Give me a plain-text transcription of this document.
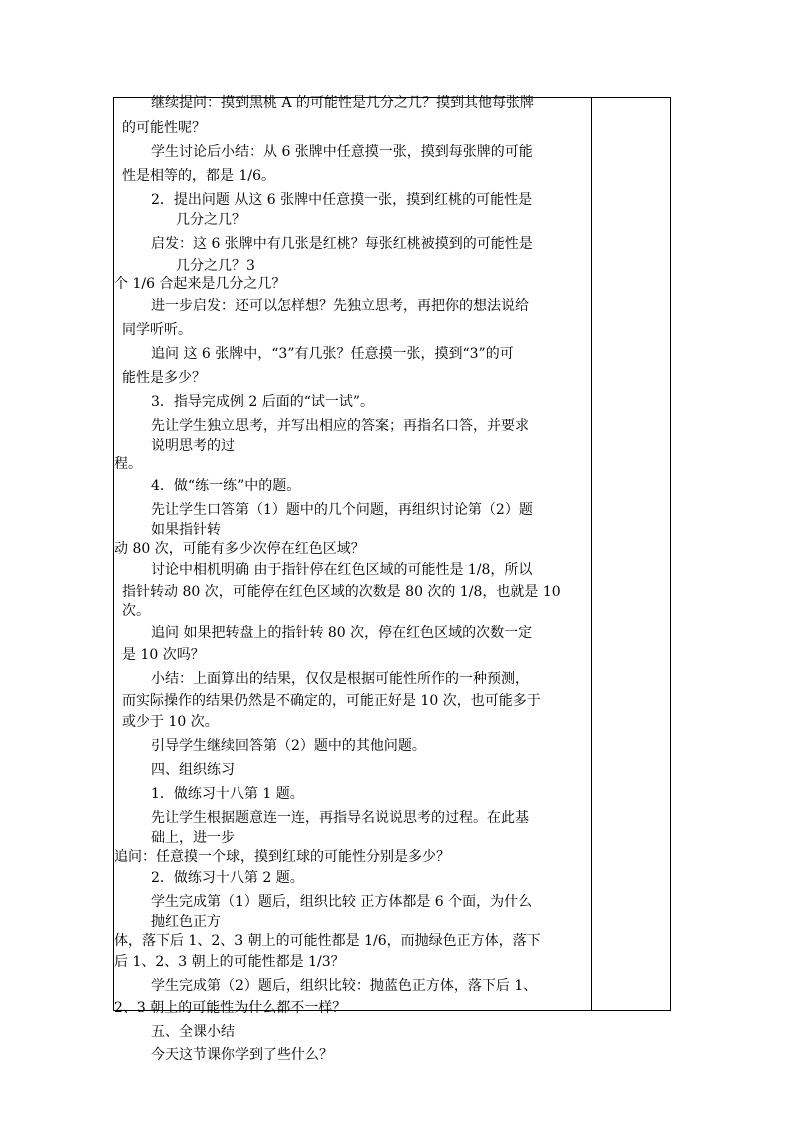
继续提问：摸到黑桃 A 的可能性是几分之几？摸到其他每张牌
的可能性呢？
学生讨论后小结：从 6 张牌中任意摸一张，摸到每张牌的可能
性是相等的，都是 1/6。
2．提出问题 从这 6 张牌中任意摸一张，摸到红桃的可能性是
几分之几？
启发：这 6 张牌中有几张是红桃？每张红桃被摸到的可能性是
几分之几？3
个 1/6 合起来是几分之几？
进一步启发：还可以怎样想？先独立思考，再把你的想法说给
同学听听。
追问 这 6 张牌中，“3”有几张？任意摸一张，摸到“3”的可
能性是多少？
3．指导完成例 2 后面的“试一试”。
先让学生独立思考，并写出相应的答案；再指名口答，并要求
说明思考的过
程。
4．做“练一练”中的题。
先让学生口答第（1）题中的几个问题，再组织讨论第（2）题
如果指针转
动 80 次，可能有多少次停在红色区域？
讨论中相机明确 由于指针停在红色区域的可能性是 1/8，所以
指针转动 80 次，可能停在红色区域的次数是 80 次的 1/8，也就是 10
次。
追问 如果把转盘上的指针转 80 次，停在红色区域的次数一定
是 10 次吗？
小结：上面算出的结果，仅仅是根据可能性所作的一种预测，
而实际操作的结果仍然是不确定的，可能正好是 10 次，也可能多于
或少于 10 次。
引导学生继续回答第（2）题中的其他问题。
四、组织练习
1．做练习十八第 1 题。
先让学生根据题意连一连，再指导名说说思考的过程。在此基
础上，进一步
追问：任意摸一个球，摸到红球的可能性分别是多少？
2．做练习十八第 2 题。
学生完成第（1）题后，组织比较 正方体都是 6 个面，为什么
抛红色正方
体，落下后 1、2、3 朝上的可能性都是 1/6，而抛绿色正方体，落下
后 1、2、3 朝上的可能性都是 1/3？
学生完成第（2）题后，组织比较：抛蓝色正方体，落下后 1、
2、3 朝上的可能性为什么都不一样？
五、全课小结
今天这节课你学到了些什么？
